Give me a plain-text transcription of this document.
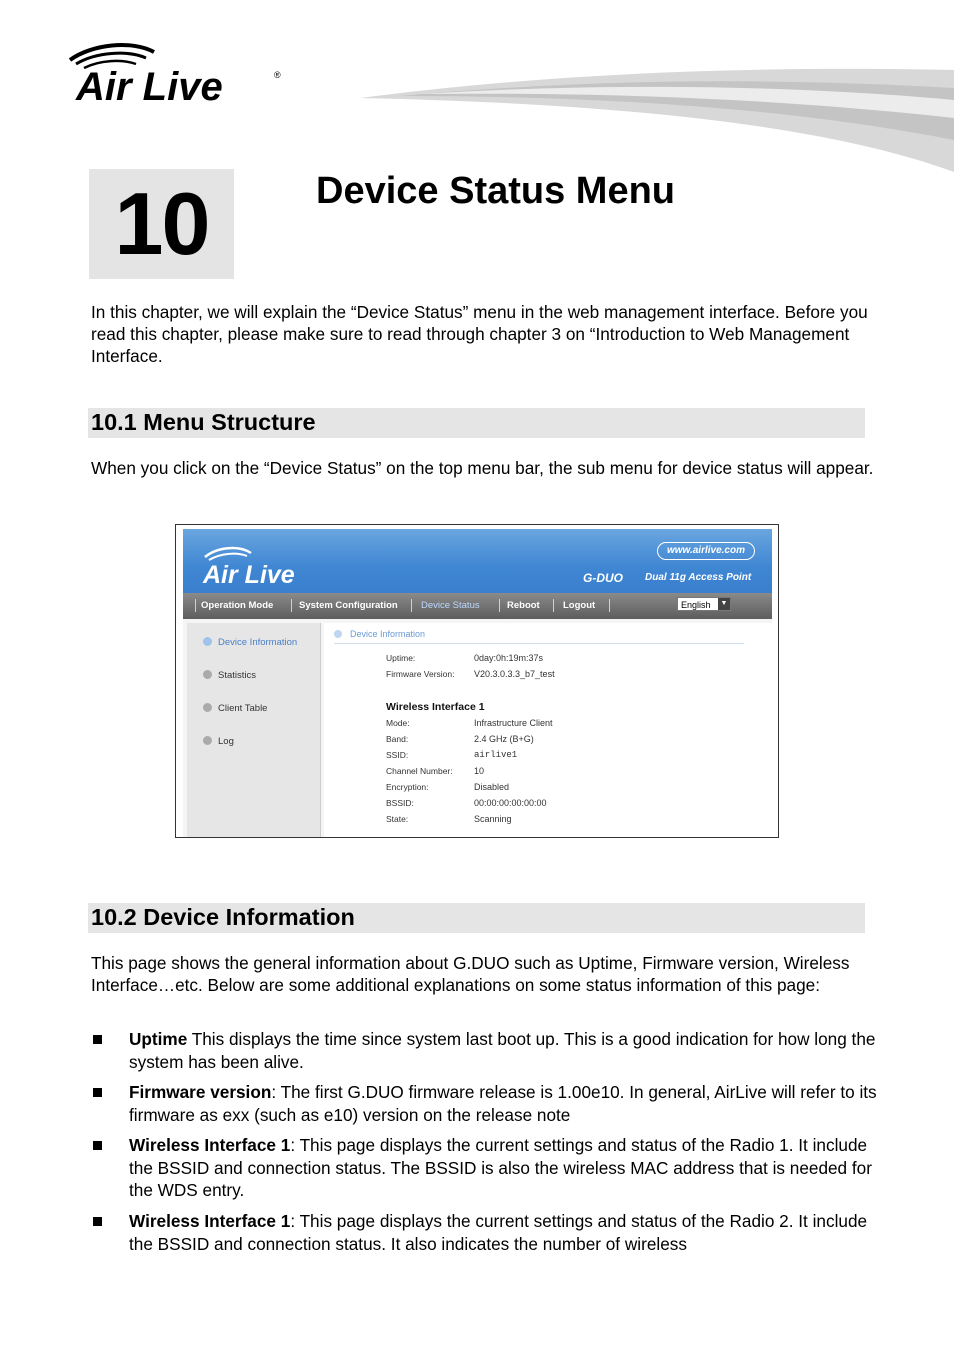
Air Live	®
10	Device Status Menu

In this chapter, we will explain the “Device Status” menu in the web management interface. Before you read this chapter, please make sure to read through chapter 3 on “Introduction to Web Management Interface.

10.1 Menu Structure

When you click on the “Device Status” on the top menu bar, the sub menu for device status will appear.

Air Live
www.airlive.com
G-DUO Dual 11g Access Point
Operation Mode	System Configuration Device Status	Reboot Logout	English	▼
Device Information
Statistics
Client Table
Log
Device Information
Uptime:	0day:0h:19m:37s
Firmware Version: V20.3.0.3.3_b7_test
Wireless Interface 1
Mode:	Infrastructure Client
Band:	2.4 GHz (B+G)
SSID:	airlive1
Channel Number: 10
Encryption:	Disabled
BSSID:	00:00:00:00:00:00
State:	Scanning
10.2 Device Information

This page shows the general information about G.DUO such as Uptime, Firmware version, Wireless Interface…etc. Below are some additional explanations on some status information of this page:

Uptime This displays the time since system last boot up. This is a good indication for how long the system has been alive.

Firmware version: The first G.DUO firmware release is 1.00e10. In general, AirLive will refer to its firmware as exx (such as e10) version on the release note

Wireless Interface 1: This page displays the current settings and status of the Radio 1. It include the BSSID and connection status. The BSSID is also the wireless MAC address that is needed for the WDS entry.

Wireless Interface 1: This page displays the current settings and status of the Radio 2. It include the BSSID and connection status. It also indicates the number of wireless
